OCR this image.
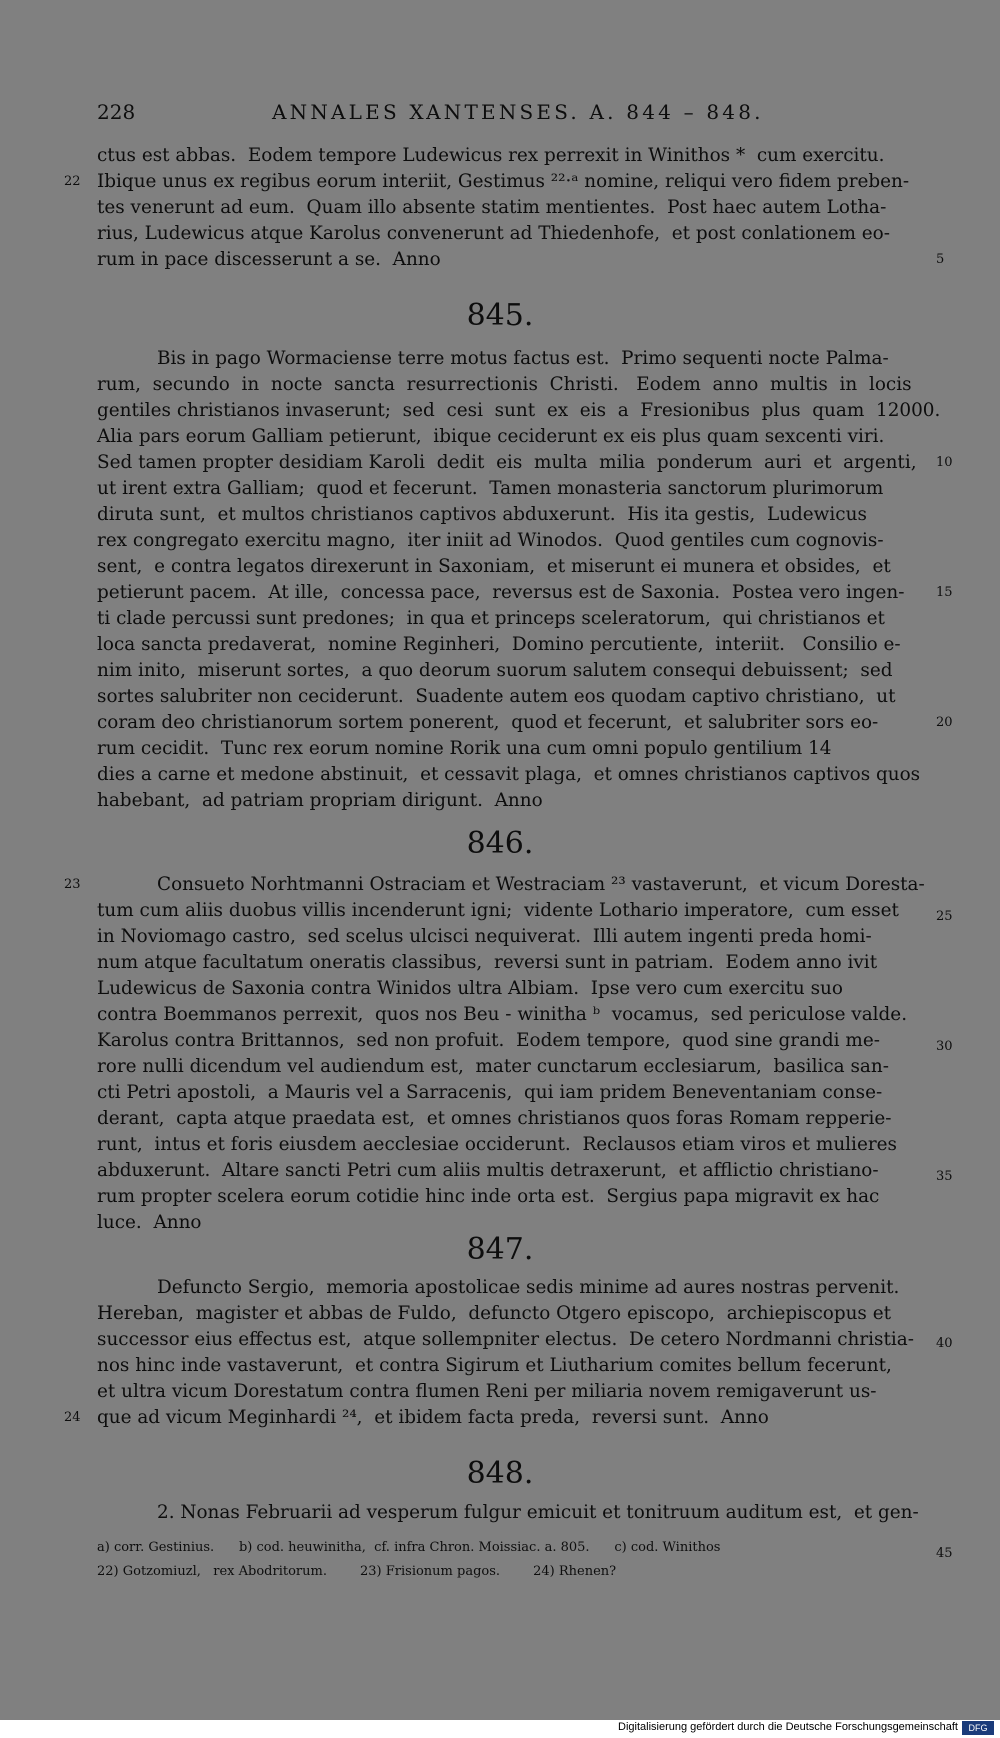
228	ANNALES XANTENSES. A. 844 – 848.
ctus est abbas.  Eodem tempore Ludewicus rex perrexit in Winithos *  cum exercitu.
Ibique unus ex regibus eorum interiit, Gestimus ²²·ᵃ nomine, reliqui vero fidem preben-
tes venerunt ad eum.  Quam illo absente statim mentientes.  Post haec autem Lotha-
rius, Ludewicus atque Karolus convenerunt ad Thiedenhofe,  et post conlationem eo-
rum in pace discesserunt a se.  Anno
22
5
845.
Bis in pago Wormaciense terre motus factus est.  Primo sequenti nocte Palma-
rum,  secundo  in  nocte  sancta  resurrectionis  Christi.   Eodem  anno  multis  in  locis
gentiles christianos invaserunt;  sed  cesi  sunt  ex  eis  a  Fresionibus  plus  quam  12000.
Alia pars eorum Galliam petierunt,  ibique ceciderunt ex eis plus quam sexcenti viri.
Sed tamen propter desidiam Karoli  dedit  eis  multa  milia  ponderum  auri  et  argenti,
ut irent extra Galliam;  quod et fecerunt.  Tamen monasteria sanctorum plurimorum
diruta sunt,  et multos christianos captivos abduxerunt.  His ita gestis,  Ludewicus
rex congregato exercitu magno,  iter iniit ad Winodos.  Quod gentiles cum cognovis-
sent,  e contra legatos direxerunt in Saxoniam,  et miserunt ei munera et obsides,  et
petierunt pacem.  At ille,  concessa pace,  reversus est de Saxonia.  Postea vero ingen-
ti clade percussi sunt predones;  in qua et princeps sceleratorum,  qui christianos et
loca sancta predaverat,  nomine Reginheri,  Domino percutiente,  interiit.   Consilio e-
nim inito,  miserunt sortes,  a quo deorum suorum salutem consequi debuissent;  sed
sortes salubriter non ceciderunt.  Suadente autem eos quodam captivo christiano,  ut
coram deo christianorum sortem ponerent,  quod et fecerunt,  et salubriter sors eo-
rum cecidit.  Tunc rex eorum nomine Rorik una cum omni populo gentilium 14
dies a carne et medone abstinuit,  et cessavit plaga,  et omnes christianos captivos quos
habebant,  ad patriam propriam dirigunt.  Anno
10
15
20
846.
Consueto Norhtmanni Ostraciam et Westraciam ²³ vastaverunt,  et vicum Doresta-
tum cum aliis duobus villis incenderunt igni;  vidente Lothario imperatore,  cum esset
in Noviomago castro,  sed scelus ulcisci nequiverat.  Illi autem ingenti preda homi-
num atque facultatum oneratis classibus,  reversi sunt in patriam.  Eodem anno ivit
Ludewicus de Saxonia contra Winidos ultra Albiam.  Ipse vero cum exercitu suo
contra Boemmanos perrexit,  quos nos Beu - winitha ᵇ  vocamus,  sed periculose valde.
Karolus contra Brittannos,  sed non profuit.  Eodem tempore,  quod sine grandi me-
rore nulli dicendum vel audiendum est,  mater cunctarum ecclesiarum,  basilica san-
cti Petri apostoli,  a Mauris vel a Sarracenis,  qui iam pridem Beneventaniam conse-
derant,  capta atque praedata est,  et omnes christianos quos foras Romam repperie-
runt,  intus et foris eiusdem aecclesiae occiderunt.  Reclausos etiam viros et mulieres
abduxerunt.  Altare sancti Petri cum aliis multis detraxerunt,  et afflictio christiano-
rum propter scelera eorum cotidie hinc inde orta est.  Sergius papa migravit ex hac
luce.  Anno
23
25
30
35
847.
Defuncto Sergio,  memoria apostolicae sedis minime ad aures nostras pervenit.
Hereban,  magister et abbas de Fuldo,  defuncto Otgero episcopo,  archiepiscopus et
successor eius effectus est,  atque sollempniter electus.  De cetero Nordmanni christia-
nos hinc inde vastaverunt,  et contra Sigirum et Liutharium comites bellum fecerunt,
et ultra vicum Dorestatum contra flumen Reni per miliaria novem remigaverunt us-
que ad vicum Meginhardi ²⁴,  et ibidem facta preda,  reversi sunt.  Anno
40
24
848.
2. Nonas Februarii ad vesperum fulgur emicuit et tonitruum auditum est,  et gen-
a) corr. Gestinius.      b) cod. heuwinitha,  cf. infra Chron. Moissiac. a. 805.      c) cod. Winithos
22) Gotzomiuzl,   rex Abodritorum.        23) Frisionum pagos.        24) Rhenen?
45
Digitalisierung gefördert durch die Deutsche Forschungsgemeinschaft	DFG
